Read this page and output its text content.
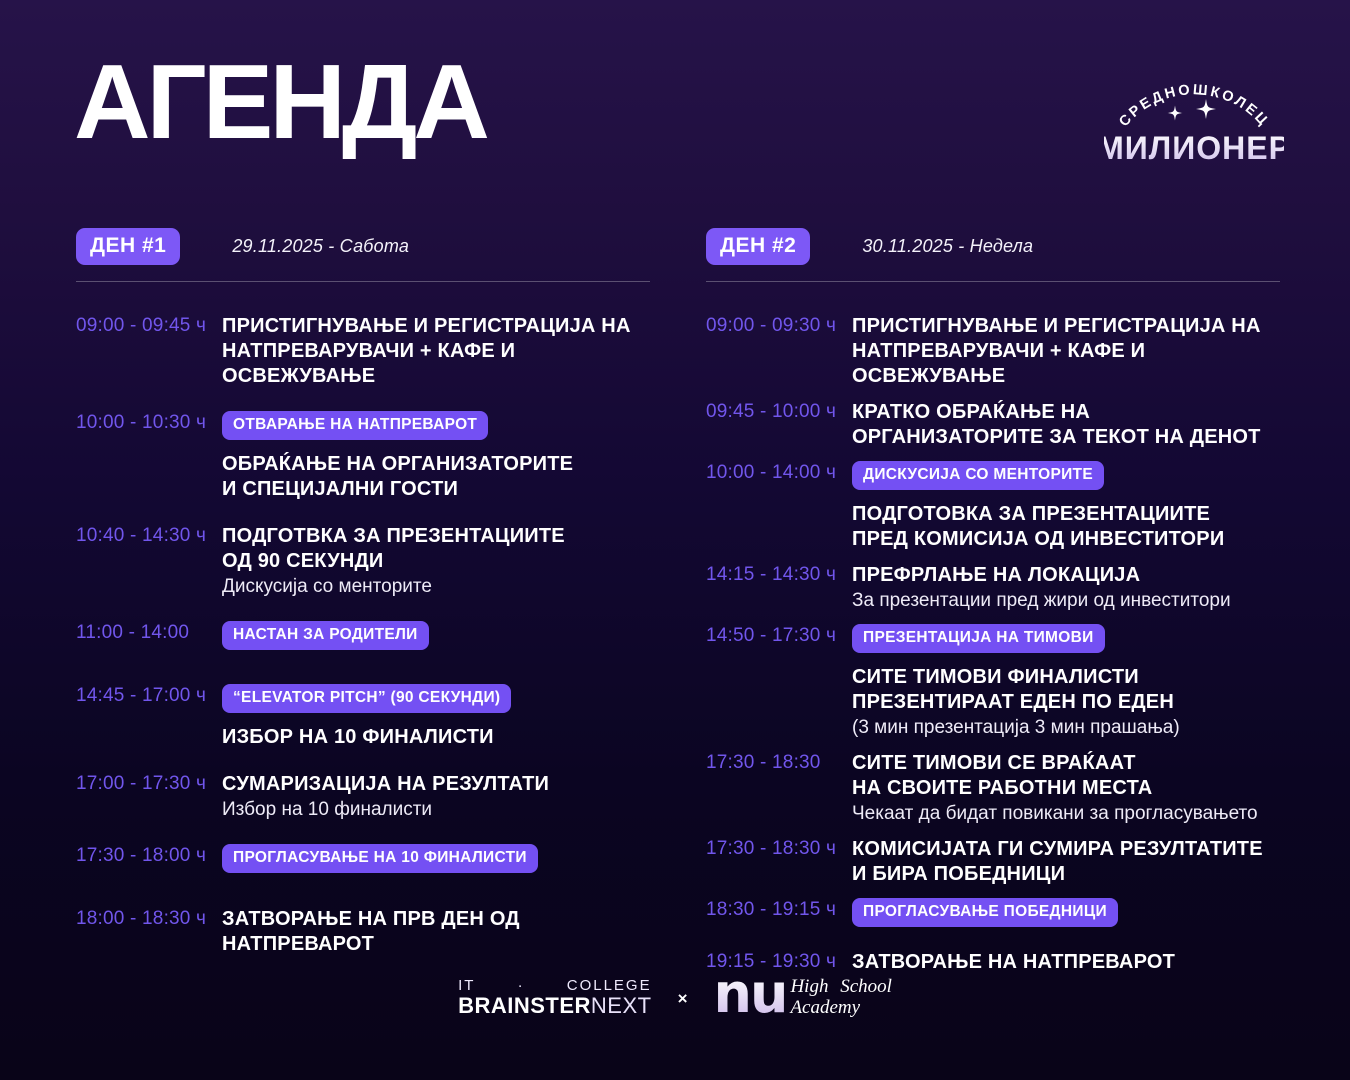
АГЕНДА	СРЕДНОШКОЛЕЦ
МИЛИОНЕР
ДЕН #1	29.11.2025 - Сабота
09:00 - 09:45 ч ПРИСТИГНУВАЊЕ И РЕГИСТРАЦИЈА НА
НАТПРЕВАРУВАЧИ + КАФЕ И ОСВЕЖУВАЊЕ
10:00 - 10:30 ч	ОТВАРАЊЕ НА НАТПРЕВАРОТ
ОБРАЌАЊЕ НА ОРГАНИЗАТОРИТЕ
И СПЕЦИЈАЛНИ ГОСТИ
10:40 - 14:30 ч ПОДГОТВКА ЗА ПРЕЗЕНТАЦИИТЕ
ОД 90 СЕКУНДИ
Дискусија со менторите
11:00 - 14:00	НАСТАН ЗА РОДИТЕЛИ
14:45 - 17:00 ч	“ELEVATOR PITCH” (90 СЕКУНДИ)
ИЗБОР НА 10 ФИНАЛИСТИ
17:00 - 17:30 ч СУМАРИЗАЦИЈА НА РЕЗУЛТАТИ
Избор на 10 финалисти
17:30 - 18:00 ч	ПРОГЛАСУВАЊЕ НА 10 ФИНАЛИСТИ
18:00 - 18:30 ч ЗАТВОРАЊЕ НА ПРВ ДЕН ОД НАТПРЕВАРОТ
ДЕН #2	30.11.2025 - Недела
09:00 - 09:30 ч ПРИСТИГНУВАЊЕ И РЕГИСТРАЦИЈА НА
НАТПРЕВАРУВАЧИ + КАФЕ И ОСВЕЖУВАЊЕ
09:45 - 10:00 ч КРАТКО ОБРАЌАЊЕ НА
ОРГАНИЗАТОРИТЕ ЗА ТЕКОТ НА ДЕНОТ
10:00 - 14:00 ч	ДИСКУСИЈА СО МЕНТОРИТЕ
ПОДГОТОВКА ЗА ПРЕЗЕНТАЦИИТЕ
ПРЕД КОМИСИЈА ОД ИНВЕСТИТОРИ
14:15 - 14:30 ч ПРЕФРЛАЊЕ НА ЛОКАЦИЈА
За презентации пред жири од инвеститори
14:50 - 17:30 ч	ПРЕЗЕНТАЦИЈА НА ТИМОВИ
СИТЕ ТИМОВИ ФИНАЛИСТИ
ПРЕЗЕНТИРААТ ЕДЕН ПО ЕДЕН
(3 мин презентација 3 мин прашања)
17:30 - 18:30	СИТЕ ТИМОВИ СЕ ВРАЌААТ
НА СВОИТЕ РАБОТНИ МЕСТА
Чекаат да бидат повикани за прогласувањето
17:30 - 18:30 ч КОМИСИЈАТА ГИ СУМИРА РЕЗУЛТАТИТЕ
И БИРА ПОБЕДНИЦИ
18:30 - 19:15 ч	ПРОГЛАСУВАЊЕ ПОБЕДНИЦИ
19:15 - 19:30 ч ЗАТВОРАЊЕ НА НАТПРЕВАРОТ
IT	·	COLLEGE
BRAINSTERNEXT × nu High School
Academy
